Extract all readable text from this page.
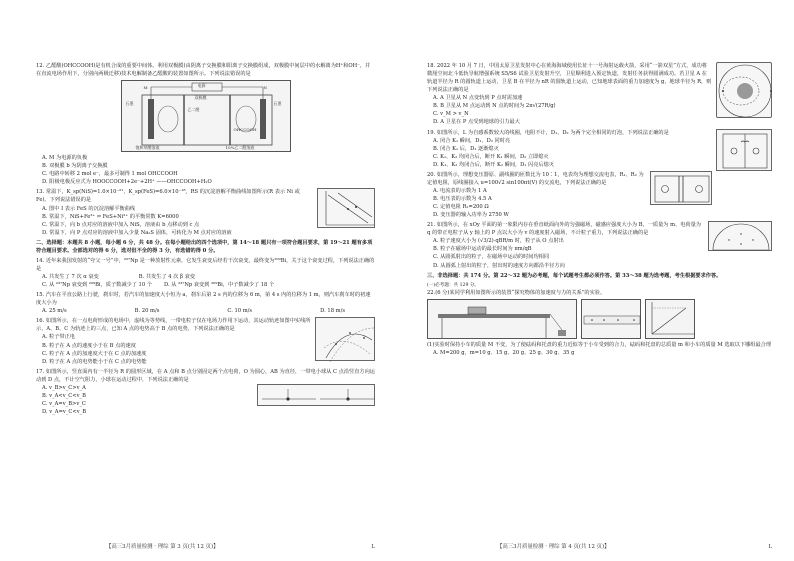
12. 乙醛酸(OHCCOOH)是有机合成的重要中间体。利用双极膜(由阴离子交换膜和阳离子交换膜组成，双极膜中间层中的水解离为H⁺和OH⁻，并在直流电场作用下，分别向两极迁移)技术电解制备乙醛酸的装置如图所示。下列说法错误的是
M	N
电源
双极膜
石墨	石墨
乙二醛
OHCCOOH
饱和草酸溶液	10%乙二醛溶液
A. M 为电源的负极
B. 双极膜 b 为阴离子交换膜
C. 电路中转移 2 mol e⁻，最多可制得 1 mol OHCCOOH
D. 阳极电极反应式为 HOOCCOOH+2e⁻+2H⁺ ——OHCCOOH+H₂O
13. 常温下，K_sp(NiS)=1.0×10⁻²¹，K_sp(FeS)=6.0×10⁻¹⁸，RS 的沉淀溶解平衡曲线如图所示(R 表示 Ni 或 Fe)。下列说法错误的是
A. 图中 I 表示 FeS 的沉淀溶解平衡曲线
B. 常温下，NiS+Fe²⁺ ⇌ FeS+Ni²⁺ 的平衡常数 K=6000
C. 常温下，向 b 点对应的溶液中加入 NiS，溶液由 b 点移动到 c 点
D. 常温下，向 P 点对应的溶液中加入少量 Na₂S 固体，可转化为 M 点对应的溶液
二、选择题：本题共 8 小题，每小题 6 分，共 48 分。在每小题给出的四个选项中，第 14～18 题只有一项符合题目要求，第 19～21 题有多项符合题目要求。全部选对的得 6 分，选对但不全的得 3 分，有选错的得 0 分。
14. 近年来我国发射的“夸父一号”中，²³⁷Np 是一种放射性元素，它发生衰变后经若干次衰变，最终变为²⁰⁹Bi，关于这个衰变过程，下列说法正确的是
A. 共发生了 7 次 α 衰变	B. 共发生了 4 次 β 衰变
C. 从 ²³⁷Np 衰变到 ²⁰⁹Bi，质子数减少了 10 个 D. 从 ²³⁷Np 衰变到 ²⁰⁹Bi，中子数减少了 18 个
15. 汽车在平直公路上行驶，刹车时，若汽车的加速度大小恒为 a，刹车后第 2 s 内的位移为 6 m，第 4 s 内的位移为 1 m，则汽车刹车时的初速度大小为
A. 25 m/s	B. 20 m/s	C. 10 m/s	D. 18 m/s
16. 如图所示，在一点电荷形成的电场中，虚线为等势线，一带电粒子仅在电场力作用下运动，其运动轨迹如图中实线所示，A、B、C 为轨迹上的三点，已知 A 点的电势高于 B 点的电势，下列说法正确的是
A. 粒子带正电
B. 粒子在 A 点的速度小于在 B 点的速度
C. 粒子在 A 点的加速度大于在 C 点的加速度
D. 粒子在 A 点的电势能小于在 C 点的电势能
17. 如图所示，竖直面内有一半径为 R 的圆形区域，在 A 点和 B 点分别固定两个点电荷，O 为圆心，AB 为直径，一带电小球从 C 点沿竖直方向运动到 D 点，不计空气阻力，小球在运动过程中，下列说法正确的是
A. v_B>v_C>v_A
B. v_A<v_C<v_B
C. v_A=v_B>v_C
D. v_A=v_C<v_B
【高三3月质量检测 · 理综 第 3 页(共 12 页)】	L
18. 2022 年 10 月 7 日，中国太原卫星发射中心在黄海海域使用长征十一号海射运载火箭，采用“一箭双星”方式，成功将微厘空间北斗低轨导航增强系统 S5/S6 试验卫星发射升空，卫星顺利进入预定轨道，发射任务获得圆满成功。若卫星 A 在轨道半径为 R 的圆轨道上运动，卫星 B 在半径为 nR 的圆轨道上运动，已知地球表面的重力加速度为 g，地球半径为 R，则下列说法正确的是
A. A 卫星从 N 点变轨到 P 点时需加速
B. B 卫星从 M 点运动到 N 点的时间为 2π√(27R/g)
C. v_M > v_N
D. A 卫星在 P 点受到地球的引力最大
19. 如图所示，L 为自感系数较大的线圈，电阻不计，D₁、D₂ 为两个完全相同的灯泡，下列说法正确的是
A. 闭合 K₁ 瞬间，D₁、D₂ 同时亮
B. 闭合 K₁ 后，D₁ 逐渐熄灭
C. K₁、K₂ 均闭合后，断开 K₁ 瞬间，D₂ 立即熄灭
D. K₁、K₂ 均闭合后，断开 K₂ 瞬间，D₁ 闪亮后熄灭
20. 如图所示，理想变压器原、副线圈的匝数比为 10∶1，电表均为理想交流电表，R₁、R₂ 为定值电阻，原线圈接入 u=100√2 sin100πt(V) 的交流电，下列说法正确的是
A. 电流表的示数为 1 A
B. 电压表的示数为 4.5 A
C. 定值电阻 R₂=200 Ω
D. 变压器的输入功率为 2750 W
21. 如图所示，在 xOy 平面的第一象限内存在垂直纸面向外的匀强磁场，磁感应强度大小为 B，一质量为 m、电荷量为 q 的带正电粒子从 y 轴上的 P 点以大小为 v 的速度射入磁场，不计粒子重力，下列说法正确的是
A. 粒子速度大小为 (√3/2)·qBR/m 时，粒子从 O 点射出
B. 粒子在磁场中运动的最长时间为 πm/qB
C. 从圆弧射出的粒子，在磁场中运动的时间均相同
D. 从圆弧上射出的粒子，射出时的速度方向都沿半径方向
三、非选择题：共 174 分。第 22～32 题为必考题，每个试题考生都必须作答。第 33～38 题为选考题，考生根据要求作答。
(一)必考题：共 129 分。
22.(6 分)某同学利用如图所示的装置“探究物体的加速度与力的关系”的实验。
(1)实验时保持小车的质量 M 不变，为了使砝码和托盘的重力近似等于小车受到的合力，砝码和托盘的总质量 m 和小车的质量 M 选取以下哪组最合理
A. M=200 g，m=10 g、15 g、20 g、25 g、30 g、35 g
【高三3月质量检测 · 理综 第 4 页(共 12 页)】	L
